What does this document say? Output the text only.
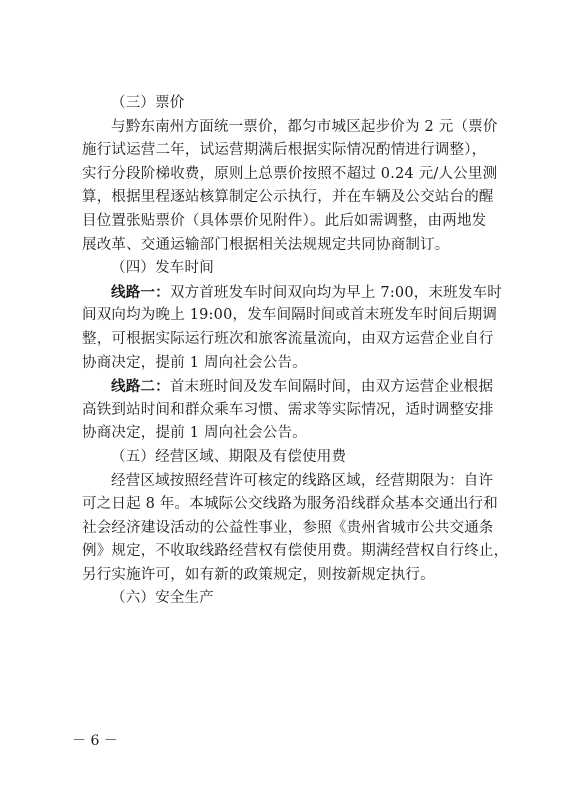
（三）票价
与黔东南州方面统一票价，都匀市城区起步价为 2 元（票价
施行试运营二年，试运营期满后根据实际情况酌情进行调整），
实行分段阶梯收费，原则上总票价按照不超过 0.24 元/人公里测
算，根据里程逐站核算制定公示执行，并在车辆及公交站台的醒
目位置张贴票价（具体票价见附件）。此后如需调整，由两地发
展改革、交通运输部门根据相关法规规定共同协商制订。
（四）发车时间
线路一：双方首班发车时间双向均为早上 7:00，末班发车时
间双向均为晚上 19:00，发车间隔时间或首末班发车时间后期调
整，可根据实际运行班次和旅客流量流向，由双方运营企业自行
协商决定，提前 1 周向社会公告。
线路二：首末班时间及发车间隔时间，由双方运营企业根据
高铁到站时间和群众乘车习惯、需求等实际情况，适时调整安排
协商决定，提前 1 周向社会公告。
（五）经营区域、期限及有偿使用费
经营区域按照经营许可核定的线路区域，经营期限为：自许
可之日起 8 年。本城际公交线路为服务沿线群众基本交通出行和
社会经济建设活动的公益性事业，参照《贵州省城市公共交通条
例》规定，不收取线路经营权有偿使用费。期满经营权自行终止，
另行实施许可，如有新的政策规定，则按新规定执行。
（六）安全生产
－ 6 －
